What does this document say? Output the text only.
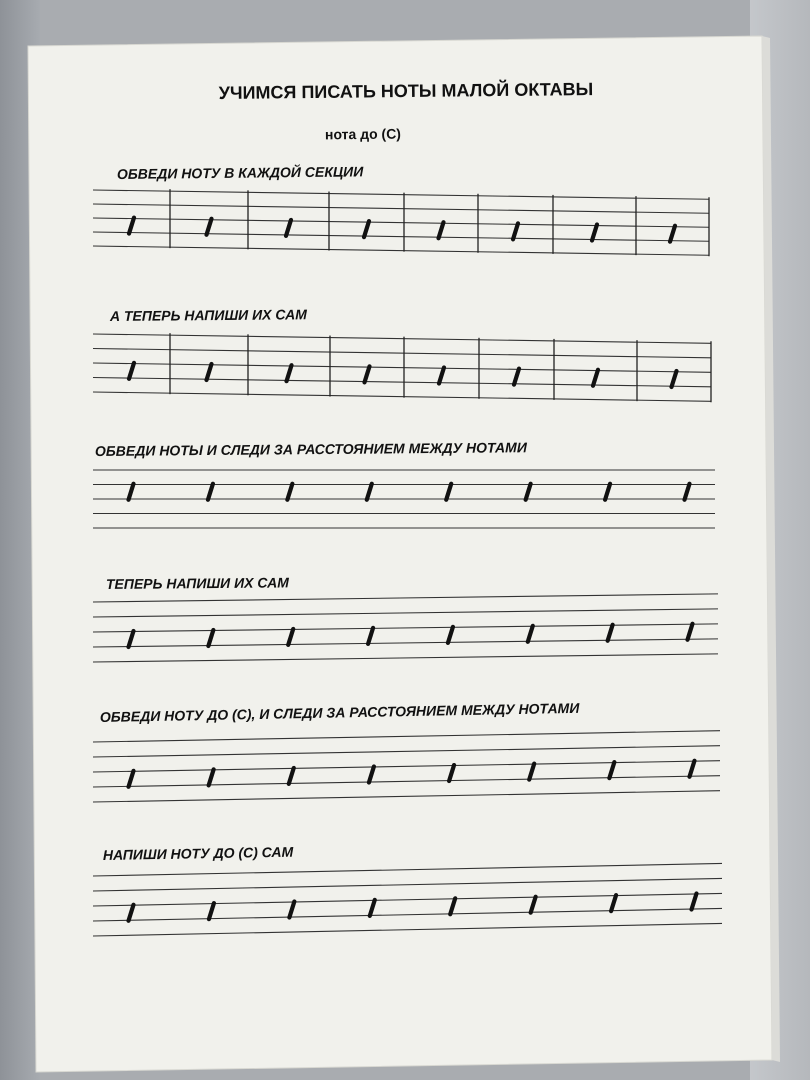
УЧИМСЯ ПИСАТЬ НОТЫ МАЛОЙ ОКТАВЫ
нота до (C)
ОБВЕДИ НОТУ В КАЖДОЙ СЕКЦИИ
А ТЕПЕРЬ НАПИШИ ИХ САМ
ОБВЕДИ НОТЫ И СЛЕДИ ЗА РАССТОЯНИЕМ МЕЖДУ НОТАМИ
ТЕПЕРЬ НАПИШИ ИХ САМ
ОБВЕДИ НОТУ ДО (С), И СЛЕДИ ЗА РАССТОЯНИЕМ МЕЖДУ НОТАМИ
НАПИШИ НОТУ ДО (С) САМ
